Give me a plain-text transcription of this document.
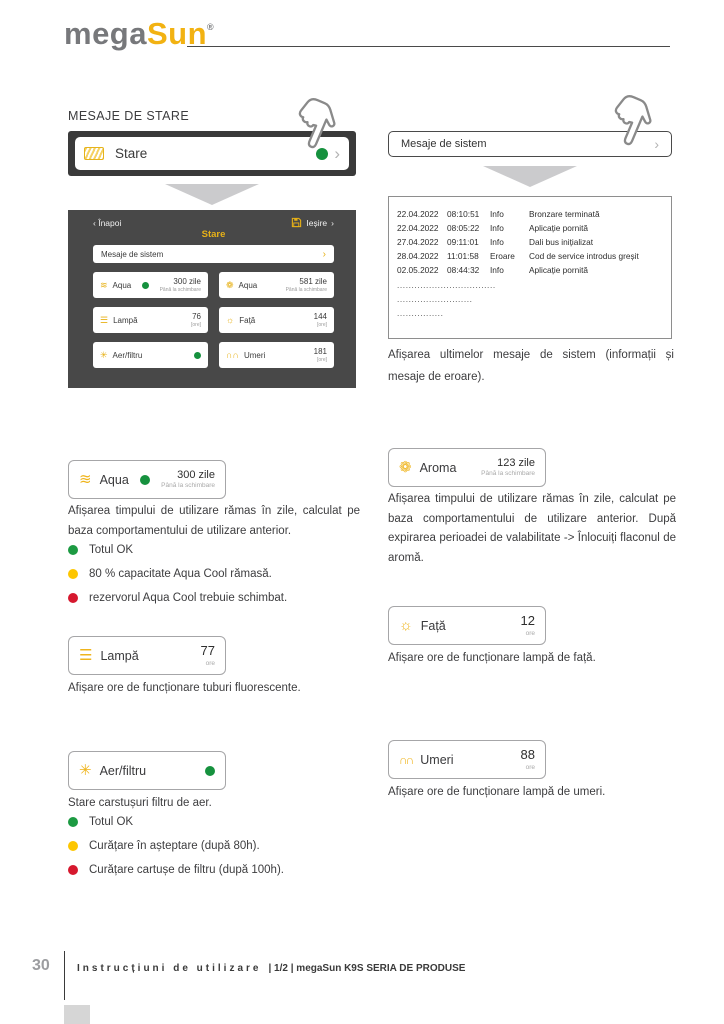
megaSun®
MESAJE DE STARE
Stare	›
‹ Înapoi	Ieșire ›
Stare
Mesaje de sistem	›
≋ Aqua	300 zile
Până la schimbare
❁ Aqua	581 zile
Până la schimbare
☰ Lampă	76
[ore]
☼ Față	144
[ore]
✳ Aer/filtru	∩∩ Umeri	181
[ore]
Mesaje de sistem	›
22.04.2022	08:10:51	Info	Bronzare terminată
22.04.2022	08:05:22	Info	Aplicație pornită
27.04.2022	09:11:01	Info	Dali bus inițializat
28.04.2022	11:01:58	Eroare	Cod de service introdus greșit
02.05.2022	08:44:32	Info	Aplicație pornită
..................................
..........................
................
Afișarea ultimelor mesaje de sistem (informații și mesaje de eroare).
≋ Aqua	300 zile
Până la schimbare
Afișarea timpului de utilizare rămas în zile, calculat pe baza comportamentului de utilizare anterior.
Totul OK
80 % capacitate Aqua Cool rămasă.
rezervorul Aqua Cool trebuie schimbat.
❁ Aroma	123 zile
Până la schimbare
Afișarea timpului de utilizare rămas în zile, calculat pe baza comportamentului de utilizare anterior. După expirarea perioadei de valabilitate -> Înlocuiți flaconul de aromă.
☰ Lampă	77
ore
Afișare ore de funcționare tuburi fluorescente.
☼ Față	12
ore
Afișare ore de funcționare lampă de față.
✳ Aer/filtru
Stare carstușuri filtru de aer.
Totul OK
Curățare în așteptare (după 80h).
Curățare cartușe de filtru (după 100h).
∩∩ Umeri	88
ore
Afișare ore de funcționare lampă de umeri.
30	Instrucțiuni de utilizare | 1/2 | megaSun K9S SERIA DE PRODUSE
